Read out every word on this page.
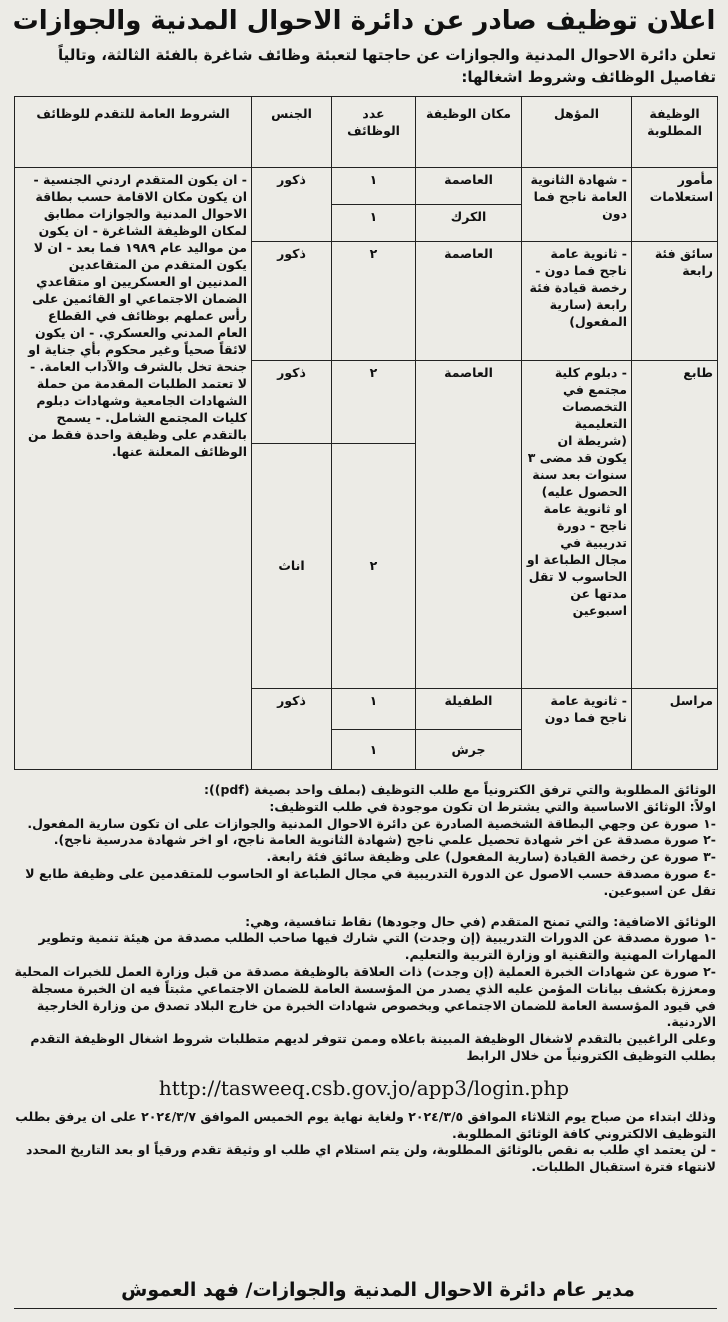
اعلان توظيف صادر عن دائرة الاحوال المدنية والجوازات
تعلن دائرة الاحوال المدنية والجوازات عن حاجتها لتعبئة وظائف شاغرة بالفئة الثالثة، وتالياً تفاصيل الوظائف وشروط اشغالها:
الوظيفة المطلوبة	المؤهل	مكان الوظيفة	عدد الوظائف	الجنس	الشروط العامة للتقدم للوظائف
مأمور استعلامات	- شهادة الثانوية العامة ناجح فما دون	العاصمة	١	ذكور	- ان يكون المتقدم اردني الجنسية - ان يكون مكان الاقامة حسب بطاقة الاحوال المدنية والجوازات مطابق لمكان الوظيفة الشاغرة - ان يكون من مواليد عام ١٩٨٩ فما بعد - ان لا يكون المتقدم من المتقاعدين المدنيين او العسكريين او متقاعدي الضمان الاجتماعي او القائمين على رأس عملهم بوظائف في القطاع العام المدني والعسكري. - ان يكون لائقاً صحياً وغير محكوم بأي جناية او جنحة تخل بالشرف والآداب العامة. - لا تعتمد الطلبات المقدمة من حملة الشهادات الجامعية وشهادات دبلوم كليات المجتمع الشامل. - يسمح بالتقدم على وظيفة واحدة فقط من الوظائف المعلنة عنها.
		الكرك	١		
سائق فئة رابعة	- ثانوية عامة ناجح فما دون - رخصة قيادة فئة رابعة (سارية المفعول)	العاصمة	٢	ذكور	
طابع	- دبلوم كلية مجتمع في التخصصات التعليمية (شريطة ان يكون قد مضى ٣ سنوات بعد سنة الحصول عليه) او ثانوية عامة ناجح - دورة تدريبية في مجال الطباعة او الحاسوب لا تقل مدتها عن اسبوعين	العاصمة	٢	ذكور	
			٢	اناث	
مراسل	- ثانوية عامة ناجح فما دون	الطفيلة	١	ذكور	
		جرش	١		

الوثائق المطلوبة والتي ترفق الكترونياً مع طلب التوظيف (بملف واحد بصيغة (pdf)):

اولاً: الوثائق الاساسية والتي يشترط ان تكون موجودة في طلب التوظيف:

-١ صورة عن وجهي البطاقة الشخصية الصادرة عن دائرة الاحوال المدنية والجوازات على ان تكون سارية المفعول.

-٢ صورة مصدقة عن اخر شهادة تحصيل علمي ناجح (شهادة الثانوية العامة ناجح، او اخر شهادة مدرسية ناجح).

-٣ صورة عن رخصة القيادة (سارية المفعول) على وظيفة سائق فئة رابعة.

-٤ صورة مصدقة حسب الاصول عن الدورة التدريبية في مجال الطباعة او الحاسوب للمتقدمين على وظيفة طابع لا تقل عن اسبوعين.

الوثائق الاضافية: والتي تمنح المتقدم (في حال وجودها) نقاط تنافسية، وهي:

-١ صورة مصدقة عن الدورات التدريبية (إن وجدت) التي شارك فيها صاحب الطلب مصدقة من هيئة تنمية وتطوير المهارات المهنية والتقنية او وزارة التربية والتعليم.

-٢ صورة عن شهادات الخبرة العملية (إن وجدت) ذات العلاقة بالوظيفة مصدقة من قبل وزارة العمل للخبرات المحلية ومعززة بكشف بيانات المؤمن عليه الذي يصدر من المؤسسة العامة للضمان الاجتماعي مثبتاً فيه ان الخبرة مسجلة في قيود المؤسسة العامة للضمان الاجتماعي وبخصوص شهادات الخبرة من خارج البلاد تصدق من وزارة الخارجية الاردنية.

وعلى الراغبين بالتقدم لاشغال الوظيفة المبينة باعلاه وممن تتوفر لديهم متطلبات شروط اشغال الوظيفة التقدم بطلب التوظيف الكترونياً من خلال الرابط

http://tasweeq.csb.gov.jo/app3/login.php

وذلك ابتداء من صباح يوم الثلاثاء الموافق ٢٠٢٤/٣/٥ ولغاية نهاية يوم الخميس الموافق ٢٠٢٤/٣/٧ على ان يرفق بطلب التوظيف الالكتروني كافة الوثائق المطلوبة.

- لن يعتمد اي طلب به نقص بالوثائق المطلوبة، ولن يتم استلام اي طلب او وثيقة تقدم ورقياً او بعد التاريخ المحدد لانتهاء فترة استقبال الطلبات.

مدير عام دائرة الاحوال المدنية والجوازات/ فهد العموش
